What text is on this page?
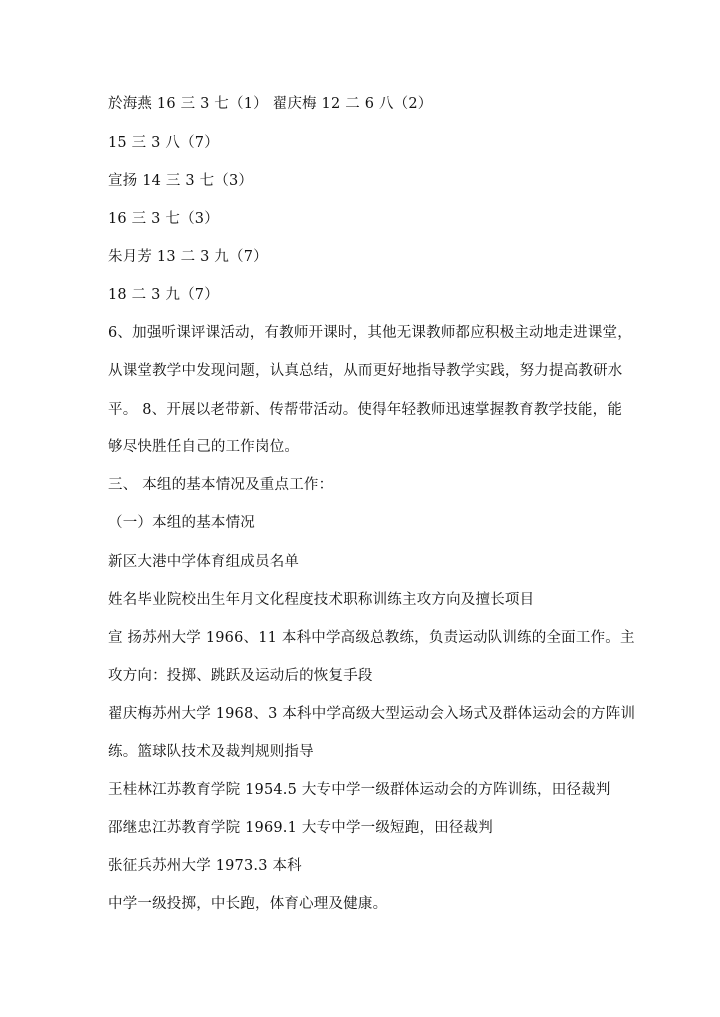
於海燕 16 三 3 七（1） 翟庆梅 12 二 6 八（2）
15 三 3 八（7）
宣扬 14 三 3 七（3）
16 三 3 七（3）
朱月芳 13 二 3 九（7）
18 二 3 九（7）
6、加强听课评课活动，有教师开课时，其他无课教师都应积极主动地走进课堂，
从课堂教学中发现问题，认真总结，从而更好地指导教学实践，努力提高教研水
平。 8、开展以老带新、传帮带活动。使得年轻教师迅速掌握教育教学技能，能
够尽快胜任自己的工作岗位。
三、 本组的基本情况及重点工作：
（一）本组的基本情况
新区大港中学体育组成员名单
姓名毕业院校出生年月文化程度技术职称训练主攻方向及擅长项目
宣 扬苏州大学 1966、11 本科中学高级总教练，负责运动队训练的全面工作。主
攻方向：投掷、跳跃及运动后的恢复手段
翟庆梅苏州大学 1968、3 本科中学高级大型运动会入场式及群体运动会的方阵训
练。篮球队技术及裁判规则指导
王桂林江苏教育学院 1954.5 大专中学一级群体运动会的方阵训练，田径裁判
邵继忠江苏教育学院 1969.1 大专中学一级短跑，田径裁判
张征兵苏州大学 1973.3 本科
中学一级投掷，中长跑，体育心理及健康。
